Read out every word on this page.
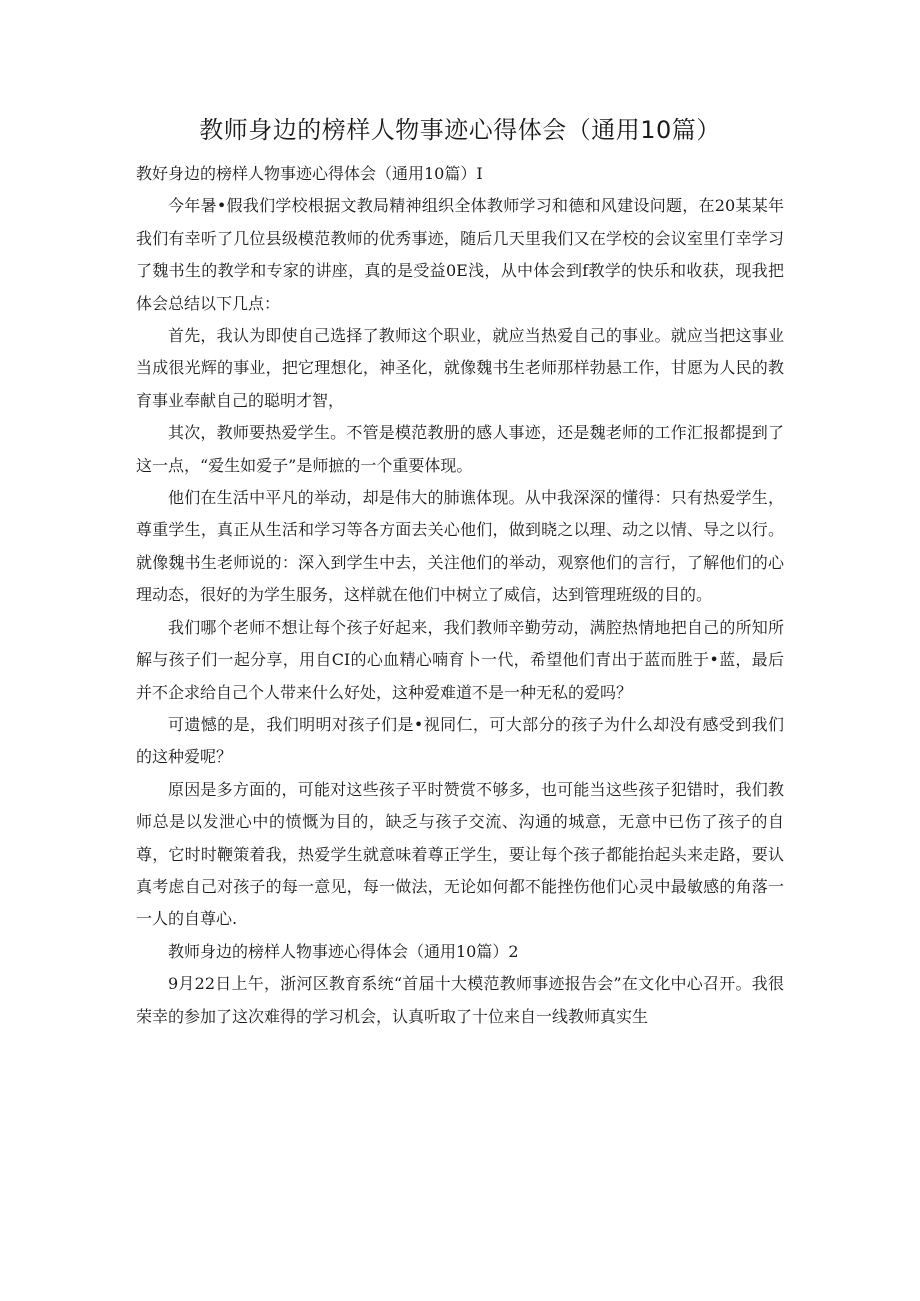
教师身边的榜样人物事迹心得体会（通用10篇）

教好身边的榜样人物事迹心得体会（通用10篇）I

今年暑•假我们学校根据文教局精神组织全体教师学习和德和风建设问题，在20某某年我们有幸听了几位县级模范教师的优秀事迹，随后几天里我们又在学校的会议室里仃幸学习了魏书生的教学和专家的讲座，真的是受益0E浅，从中体会到f教学的快乐和收获，现我把体会总结以下几点：

首先，我认为即使自己选择了教师这个职业，就应当热爱自己的事业。就应当把这事业当成很光辉的事业，把它理想化，神圣化，就像魏书生老师那样勃悬工作，甘愿为人民的教育事业奉献自己的聪明才智，

其次，教师要热爱学生。不管是模范教册的感人事迹，还是魏老师的工作汇报都提到了这一点，“爱生如爱子”是师摭的一个重要体现。

他们在生活中平凡的举动，却是伟大的肺谯体现。从中我深深的懂得：只有热爱学生，尊重学生，真正从生活和学习等各方面去关心他们，做到晓之以理、动之以情、导之以行。就像魏书生老师说的：深入到学生中去，关注他们的举动，观察他们的言行，了解他们的心理动态，很好的为学生服务，这样就在他们中树立了威信，达到管理班级的目的。

我们哪个老师不想让每个孩子好起来，我们教师辛勤劳动，满腔热情地把自己的所知所解与孩子们一起分享，用自CI的心血精心喃育卜一代，希望他们青出于蓝而胜于•蓝，最后并不企求给自己个人带来什么好处，这种爱难道不是一种无私的爱吗？

可遗憾的是，我们明明对孩子们是•视同仁，可大部分的孩子为什么却没有感受到我们的这种爱呢？

原因是多方面的，可能对这些孩子平时赞赏不够多，也可能当这些孩子犯错时，我们教师总是以发泄心中的愤慨为目的，缺乏与孩子交流、沟通的城意，无意中已伤了孩子的自尊，它时时鞭策着我，热爱学生就意味着尊正学生，要让每个孩子都能抬起头来走路，要认真考虑自己对孩子的每一意见，每一做法，无论如何都不能挫伤他们心灵中最敏感的角落一一人的自尊心.

教师身边的榜样人物事迹心得体会（通用10篇）2

9月22日上午，浙河区教育系统“首届十大模范教师事迹报告会”在文化中心召开。我很荣幸的参加了这次难得的学习机会，认真听取了十位来自一线教师真实生
